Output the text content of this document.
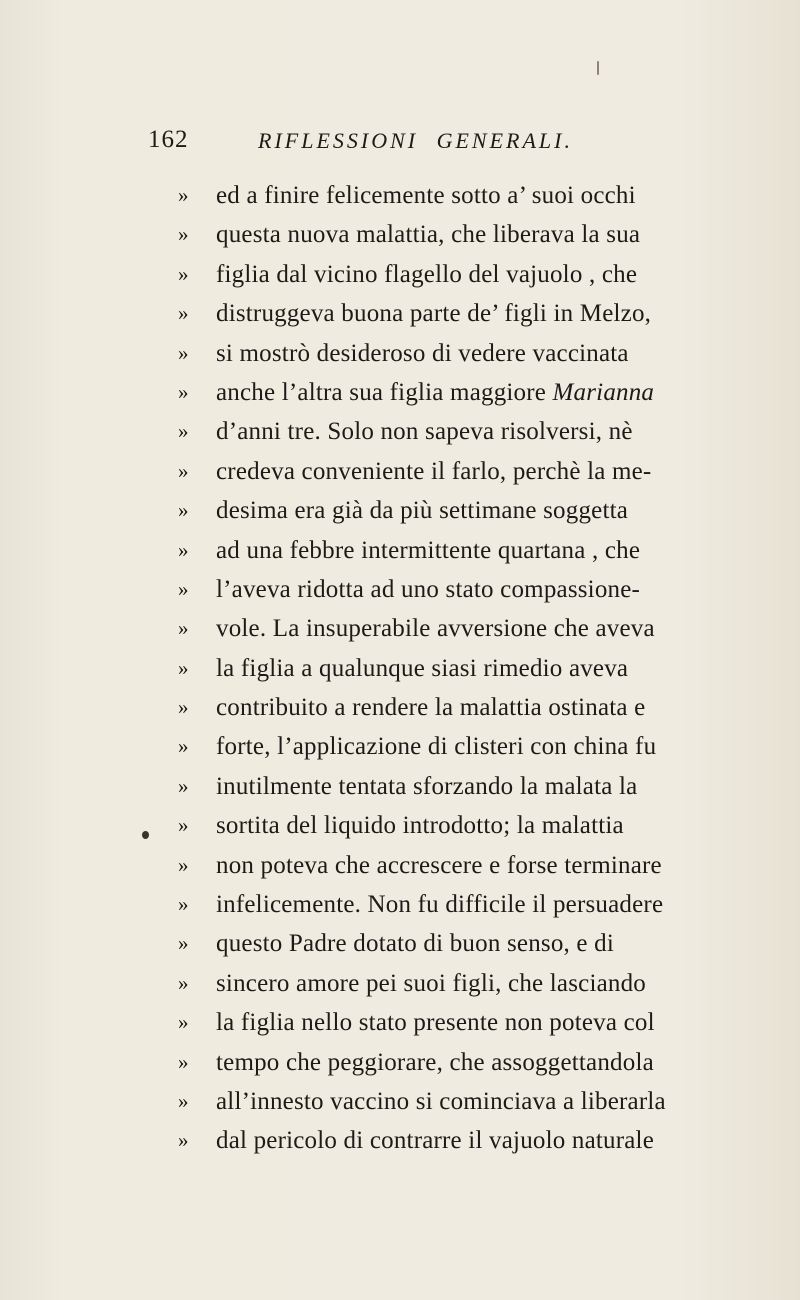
162	RIFLESSIONI GENERALI.
»	ed a finire felicemente sotto a’ suoi occhi
»	questa nuova malattia, che liberava la sua
»	figlia dal vicino flagello del vajuolo , che
»	distruggeva buona parte de’ figli in Melzo,
»	si mostrò desideroso di vedere vaccinata
»	anche l’altra sua figlia maggiore Marianna
»	d’anni tre. Solo non sapeva risolversi, nè
»	credeva conveniente il farlo, perchè la me-
»	desima era già da più settimane soggetta
»	ad una febbre intermittente quartana , che
»	l’aveva ridotta ad uno stato compassione-
»	vole. La insuperabile avversione che aveva
»	la figlia a qualunque siasi rimedio aveva
»	contribuito a rendere la malattia ostinata e
»	forte, l’applicazione di clisteri con china fu
»	inutilmente tentata sforzando la malata la
»	sortita del liquido introdotto; la malattia
»	non poteva che accrescere e forse terminare
»	infelicemente. Non fu difficile il persuadere
»	questo Padre dotato di buon senso, e di
»	sincero amore pei suoi figli, che lasciando
»	la figlia nello stato presente non poteva col
»	tempo che peggiorare, che assoggettandola
»	all’innesto vaccino si cominciava a liberarla
»	dal pericolo di contrarre il vajuolo naturale
